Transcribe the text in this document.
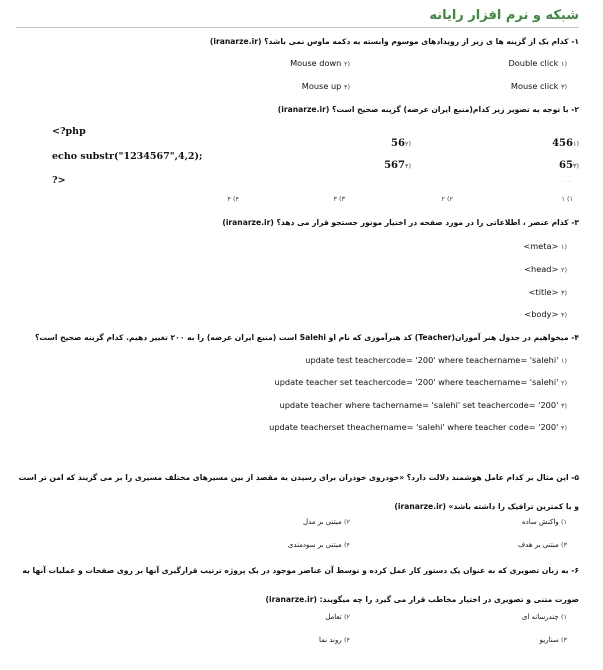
شبکه و نرم افزار رایانه
۱- کدام یک از گزینه ها ی زیر از رویدادهای موسوم وابسته به دکمه ماوس نمی باشد؟ (iranarze.ir)
Double click ۱)
Mouse down ۲)
Mouse click ۳)
Mouse up ۴)
۲- با توجه به تصویر زیر کدام(منبع ایران عرضه) گزینه صحیح است؟ (iranarze.ir)
<?php
echo substr("1234567",4,2);
?>
456۱)
56۲)
65۳)
567۴)
ᆞᆞ
۱ (۱
۲ (۲
۳ (۳
۴ (۴
۳- کدام عنصر ، اطلاعاتی را در مورد صفحه در اختیار موتور جستجو قرار می دهد؟ (iranarze.ir)
<meta> ۱)
<head> ۲)
<title> ۳)
<body> ۴)
۴- میخواهیم در جدول هنر آموزان(Teacher) کد هنرآموزی که نام او Salehi است (منبع ایران عرضه) را به ۲۰۰ تغییر دهیم. کدام گزینه صحیح است؟
update test teachercode= '200' where teachername= 'salehi' ۱)
update teacher set teachercode= '200' where teachername= 'salehi' ۲)
update teacher where tachername= 'salehi' set teachercode= '200' ۳)
update teacherset theachername= 'salehi' where teacher code= '200' ۴)
۵- این مثال بر کدام عامل هوشمند دلالت دارد؟ «خودروی خودران برای رسیدن به مقصد از بین مسیرهای مختلف مسیری را بر می گزیند که امن تر است و یا کمترین ترافیک را داشته باشد» (iranarze.ir)
۱) واکنش ساده
۲) مبتنی بر مدل
۳) مبتنی بر هدف
۴) مبتنی بر سودمندی
۶- به زبان تصویری که به عنوان یک دستور کار عمل کرده و توسط آن عناصر موجود در یک پروژه ترتیب قرارگیری آنها بر روی صفحات و عملیات آنها به صورت متنی و تصویری در اختیار مخاطب قرار می گیرد را چه میگویند: (iranarze.ir)
۱) چندرسانه ای
۲) تعامل
۳) سناریو
۴) روند نما
